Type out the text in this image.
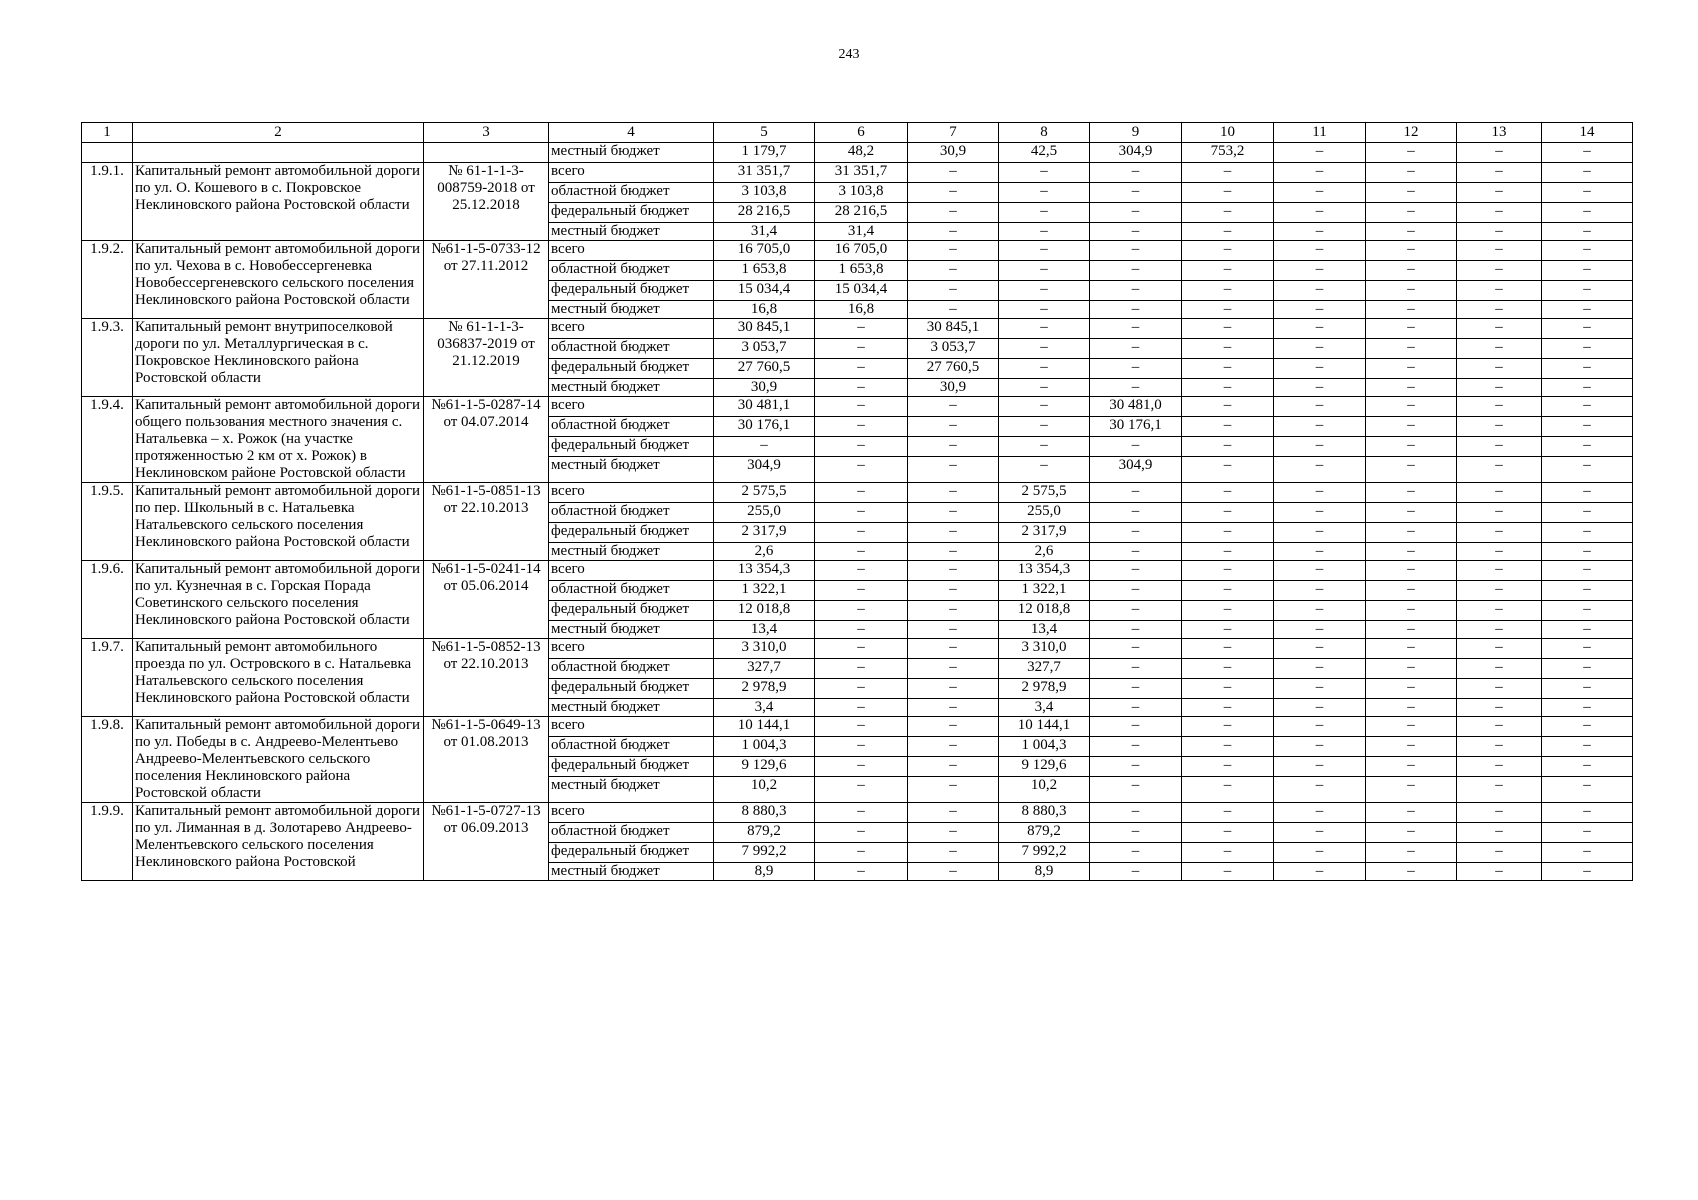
243
1	2	3	4	5	6	7	8	9	10	11	12	13	14
			местный бюджет	1 179,7	48,2	30,9	42,5	304,9	753,2	–	–	–	–
1.9.1.	Капитальный ремонт автомобильной дороги по ул. О. Кошевого в с. Покровское Неклиновского района Ростовской области	№ 61-1-1-3-008759-2018 от 25.12.2018	всего	31 351,7	31 351,7	–	–	–	–	–	–	–	–
			областной бюджет	3 103,8	3 103,8	–	–	–	–	–	–	–	–
			федеральный бюджет	28 216,5	28 216,5	–	–	–	–	–	–	–	–
			местный бюджет	31,4	31,4	–	–	–	–	–	–	–	–
1.9.2.	Капитальный ремонт автомобильной дороги по ул. Чехова в с. Новобессергеневка Новобессергеневского сельского поселения Неклиновского района Ростовской области	№61-1-5-0733-12 от 27.11.2012	всего	16 705,0	16 705,0	–	–	–	–	–	–	–	–
			областной бюджет	1 653,8	1 653,8	–	–	–	–	–	–	–	–
			федеральный бюджет	15 034,4	15 034,4	–	–	–	–	–	–	–	–
			местный бюджет	16,8	16,8	–	–	–	–	–	–	–	–
1.9.3.	Капитальный ремонт внутрипоселковой дороги по ул. Металлургическая в с. Покровское Неклиновского района Ростовской области	№ 61-1-1-3-036837-2019 от 21.12.2019	всего	30 845,1	–	30 845,1	–	–	–	–	–	–	–
			областной бюджет	3 053,7	–	3 053,7	–	–	–	–	–	–	–
			федеральный бюджет	27 760,5	–	27 760,5	–	–	–	–	–	–	–
			местный бюджет	30,9	–	30,9	–	–	–	–	–	–	–
1.9.4.	Капитальный ремонт автомобильной дороги общего пользования местного значения с. Натальевка – х. Рожок (на участке протяженностью 2 км от х. Рожок) в Неклиновском районе Ростовской области	№61-1-5-0287-14 от 04.07.2014	всего	30 481,1	–	–	–	30 481,0	–	–	–	–	–
			областной бюджет	30 176,1	–	–	–	30 176,1	–	–	–	–	–
			федеральный бюджет	–	–	–	–	–	–	–	–	–	–
			местный бюджет	304,9	–	–	–	304,9	–	–	–	–	–
1.9.5.	Капитальный ремонт автомобильной дороги по пер. Школьный в с. Натальевка Натальевского сельского поселения Неклиновского района Ростовской области	№61-1-5-0851-13 от 22.10.2013	всего	2 575,5	–	–	2 575,5	–	–	–	–	–	–
			областной бюджет	255,0	–	–	255,0	–	–	–	–	–	–
			федеральный бюджет	2 317,9	–	–	2 317,9	–	–	–	–	–	–
			местный бюджет	2,6	–	–	2,6	–	–	–	–	–	–
1.9.6.	Капитальный ремонт автомобильной дороги по ул. Кузнечная в с. Горская Порада Советинского сельского поселения Неклиновского района Ростовской области	№61-1-5-0241-14 от 05.06.2014	всего	13 354,3	–	–	13 354,3	–	–	–	–	–	–
			областной бюджет	1 322,1	–	–	1 322,1	–	–	–	–	–	–
			федеральный бюджет	12 018,8	–	–	12 018,8	–	–	–	–	–	–
			местный бюджет	13,4	–	–	13,4	–	–	–	–	–	–
1.9.7.	Капитальный ремонт автомобильного проезда по ул. Островского в с. Натальевка Натальевского сельского поселения Неклиновского района Ростовской области	№61-1-5-0852-13 от 22.10.2013	всего	3 310,0	–	–	3 310,0	–	–	–	–	–	–
			областной бюджет	327,7	–	–	327,7	–	–	–	–	–	–
			федеральный бюджет	2 978,9	–	–	2 978,9	–	–	–	–	–	–
			местный бюджет	3,4	–	–	3,4	–	–	–	–	–	–
1.9.8.	Капитальный ремонт автомобильной дороги по ул. Победы в с. Андреево-Мелентьево Андреево-Мелентьевского сельского поселения Неклиновского района Ростовской области	№61-1-5-0649-13 от 01.08.2013	всего	10 144,1	–	–	10 144,1	–	–	–	–	–	–
			областной бюджет	1 004,3	–	–	1 004,3	–	–	–	–	–	–
			федеральный бюджет	9 129,6	–	–	9 129,6	–	–	–	–	–	–
			местный бюджет	10,2	–	–	10,2	–	–	–	–	–	–
1.9.9.	Капитальный ремонт автомобильной дороги по ул. Лиманная в д. Золотарево Андреево-Мелентьевского сельского поселения Неклиновского района Ростовской	№61-1-5-0727-13 от 06.09.2013	всего	8 880,3	–	–	8 880,3	–	–	–	–	–	–
			областной бюджет	879,2	–	–	879,2	–	–	–	–	–	–
			федеральный бюджет	7 992,2	–	–	7 992,2	–	–	–	–	–	–
			местный бюджет	8,9	–	–	8,9	–	–	–	–	–	–
